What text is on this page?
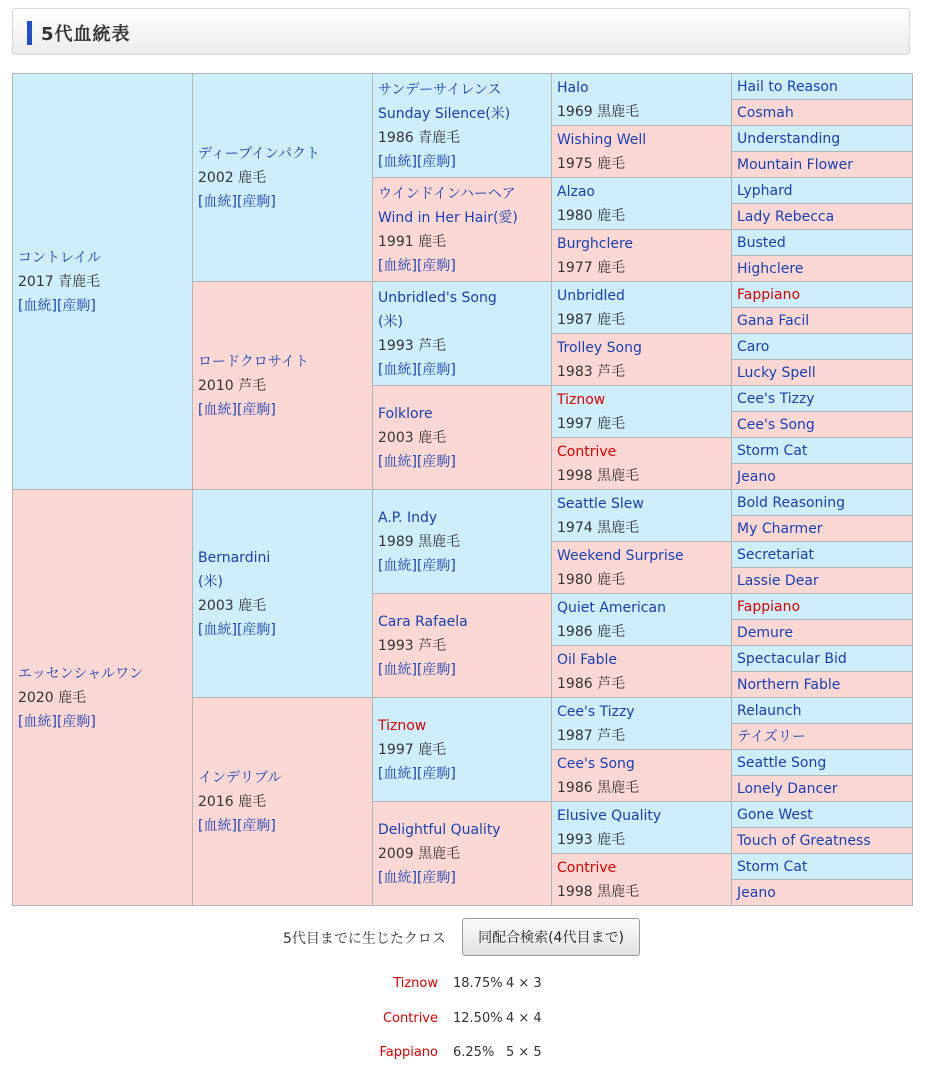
5代血統表
コントレイル
2017 青鹿毛
[血統][産駒]	ディープインパクト
2002 鹿毛
[血統][産駒]	サンデーサイレンス
Sunday Silence(米)
1986 青鹿毛
[血統][産駒]	Halo
1969 黒鹿毛	Hail to Reason
				Cosmah
			Wishing Well
1975 鹿毛	Understanding
				Mountain Flower
		ウインドインハーヘア
Wind in Her Hair(愛)
1991 鹿毛
[血統][産駒]	Alzao
1980 鹿毛	Lyphard
				Lady Rebecca
			Burghclere
1977 鹿毛	Busted
				Highclere
	ロードクロサイト
2010 芦毛
[血統][産駒]	Unbridled's Song
(米)
1993 芦毛
[血統][産駒]	Unbridled
1987 鹿毛	Fappiano
				Gana Facil
			Trolley Song
1983 芦毛	Caro
				Lucky Spell
		Folklore
2003 鹿毛
[血統][産駒]	Tiznow
1997 鹿毛	Cee's Tizzy
				Cee's Song
			Contrive
1998 黒鹿毛	Storm Cat
				Jeano
エッセンシャルワン
2020 鹿毛
[血統][産駒]	Bernardini
(米)
2003 鹿毛
[血統][産駒]	A.P. Indy
1989 黒鹿毛
[血統][産駒]	Seattle Slew
1974 黒鹿毛	Bold Reasoning
				My Charmer
			Weekend Surprise
1980 鹿毛	Secretariat
				Lassie Dear
		Cara Rafaela
1993 芦毛
[血統][産駒]	Quiet American
1986 鹿毛	Fappiano
				Demure
			Oil Fable
1986 芦毛	Spectacular Bid
				Northern Fable
	インデリブル
2016 鹿毛
[血統][産駒]	Tiznow
1997 鹿毛
[血統][産駒]	Cee's Tizzy
1987 芦毛	Relaunch
				テイズリー
			Cee's Song
1986 黒鹿毛	Seattle Song
				Lonely Dancer
		Delightful Quality
2009 黒鹿毛
[血統][産駒]	Elusive Quality
1993 鹿毛	Gone West
				Touch of Greatness
			Contrive
1998 黒鹿毛	Storm Cat
				Jeano
5代目までに生じたクロス	同配合検索(4代目まで)
Tiznow 18.75% 4 × 3
Contrive 12.50% 4 × 4
Fappiano 6.25% 5 × 5
